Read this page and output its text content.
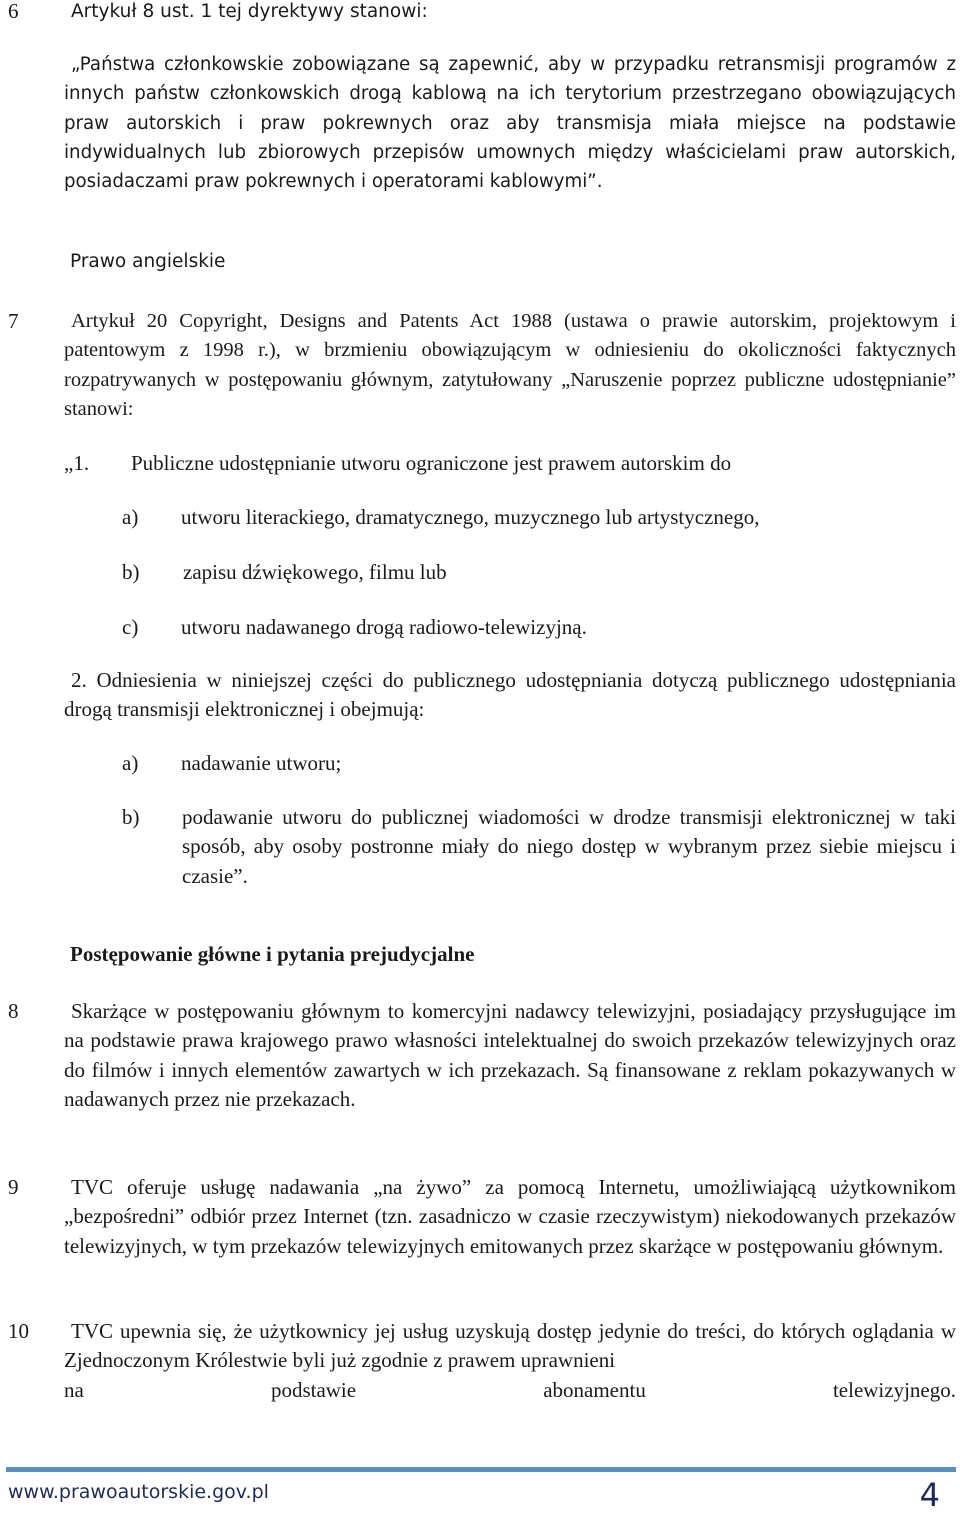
6	Artykuł 8 ust. 1 tej dyrektywy stanowi:
„Państwa członkowskie zobowiązane są zapewnić, aby w przypadku retransmisji programów z innych państw członkowskich drogą kablową na ich terytorium przestrzegano obowiązujących praw autorskich i praw pokrewnych oraz aby transmisja miała miejsce na podstawie indywidualnych lub zbiorowych przepisów umownych między właścicielami praw autorskich, posiadaczami praw pokrewnych i operatorami kablowymi”.
Prawo angielskie
7	Artykuł 20 Copyright, Designs and Patents Act 1988 (ustawa o prawie autorskim, projektowym i patentowym z 1998 r.), w brzmieniu obowiązującym w odniesieniu do okoliczności faktycznych rozpatrywanych w postępowaniu głównym, zatytułowany „Naruszenie poprzez publiczne udostępnianie” stanowi:
„1. Publiczne udostępnianie utworu ograniczone jest prawem autorskim do
a) utworu literackiego, dramatycznego, muzycznego lub artystycznego,
b) zapisu dźwiękowego, filmu lub
c) utworu nadawanego drogą radiowo-telewizyjną.
2. Odniesienia w niniejszej części do publicznego udostępniania dotyczą publicznego udostępniania drogą transmisji elektronicznej i obejmują:
a) nadawanie utworu;
b) podawanie utworu do publicznej wiadomości w drodze transmisji elektronicznej w taki sposób, aby osoby postronne miały do niego dostęp w wybranym przez siebie miejscu i czasie”.
Postępowanie główne i pytania prejudycjalne
8	Skarżące w postępowaniu głównym to komercyjni nadawcy telewizyjni, posiadający przysługujące im na podstawie prawa krajowego prawo własności intelektualnej do swoich przekazów telewizyjnych oraz do filmów i innych elementów zawartych w ich przekazach. Są finansowane z reklam pokazywanych w nadawanych przez nie przekazach.
9	TVC oferuje usługę nadawania „na żywo” za pomocą Internetu, umożliwiającą użytkownikom „bezpośredni” odbiór przez Internet (tzn. zasadniczo w czasie rzeczywistym) niekodowanych przekazów telewizyjnych, w tym przekazów telewizyjnych emitowanych przez skarżące w postępowaniu głównym.
10	TVC upewnia się, że użytkownicy jej usług uzyskują dostęp jedynie do treści, do których oglądania w Zjednoczonym Królestwie byli już zgodnie z prawem uprawnieni
na	podstawie	abonamentu	telewizyjnego.
www.prawoautorskie.gov.pl	4
